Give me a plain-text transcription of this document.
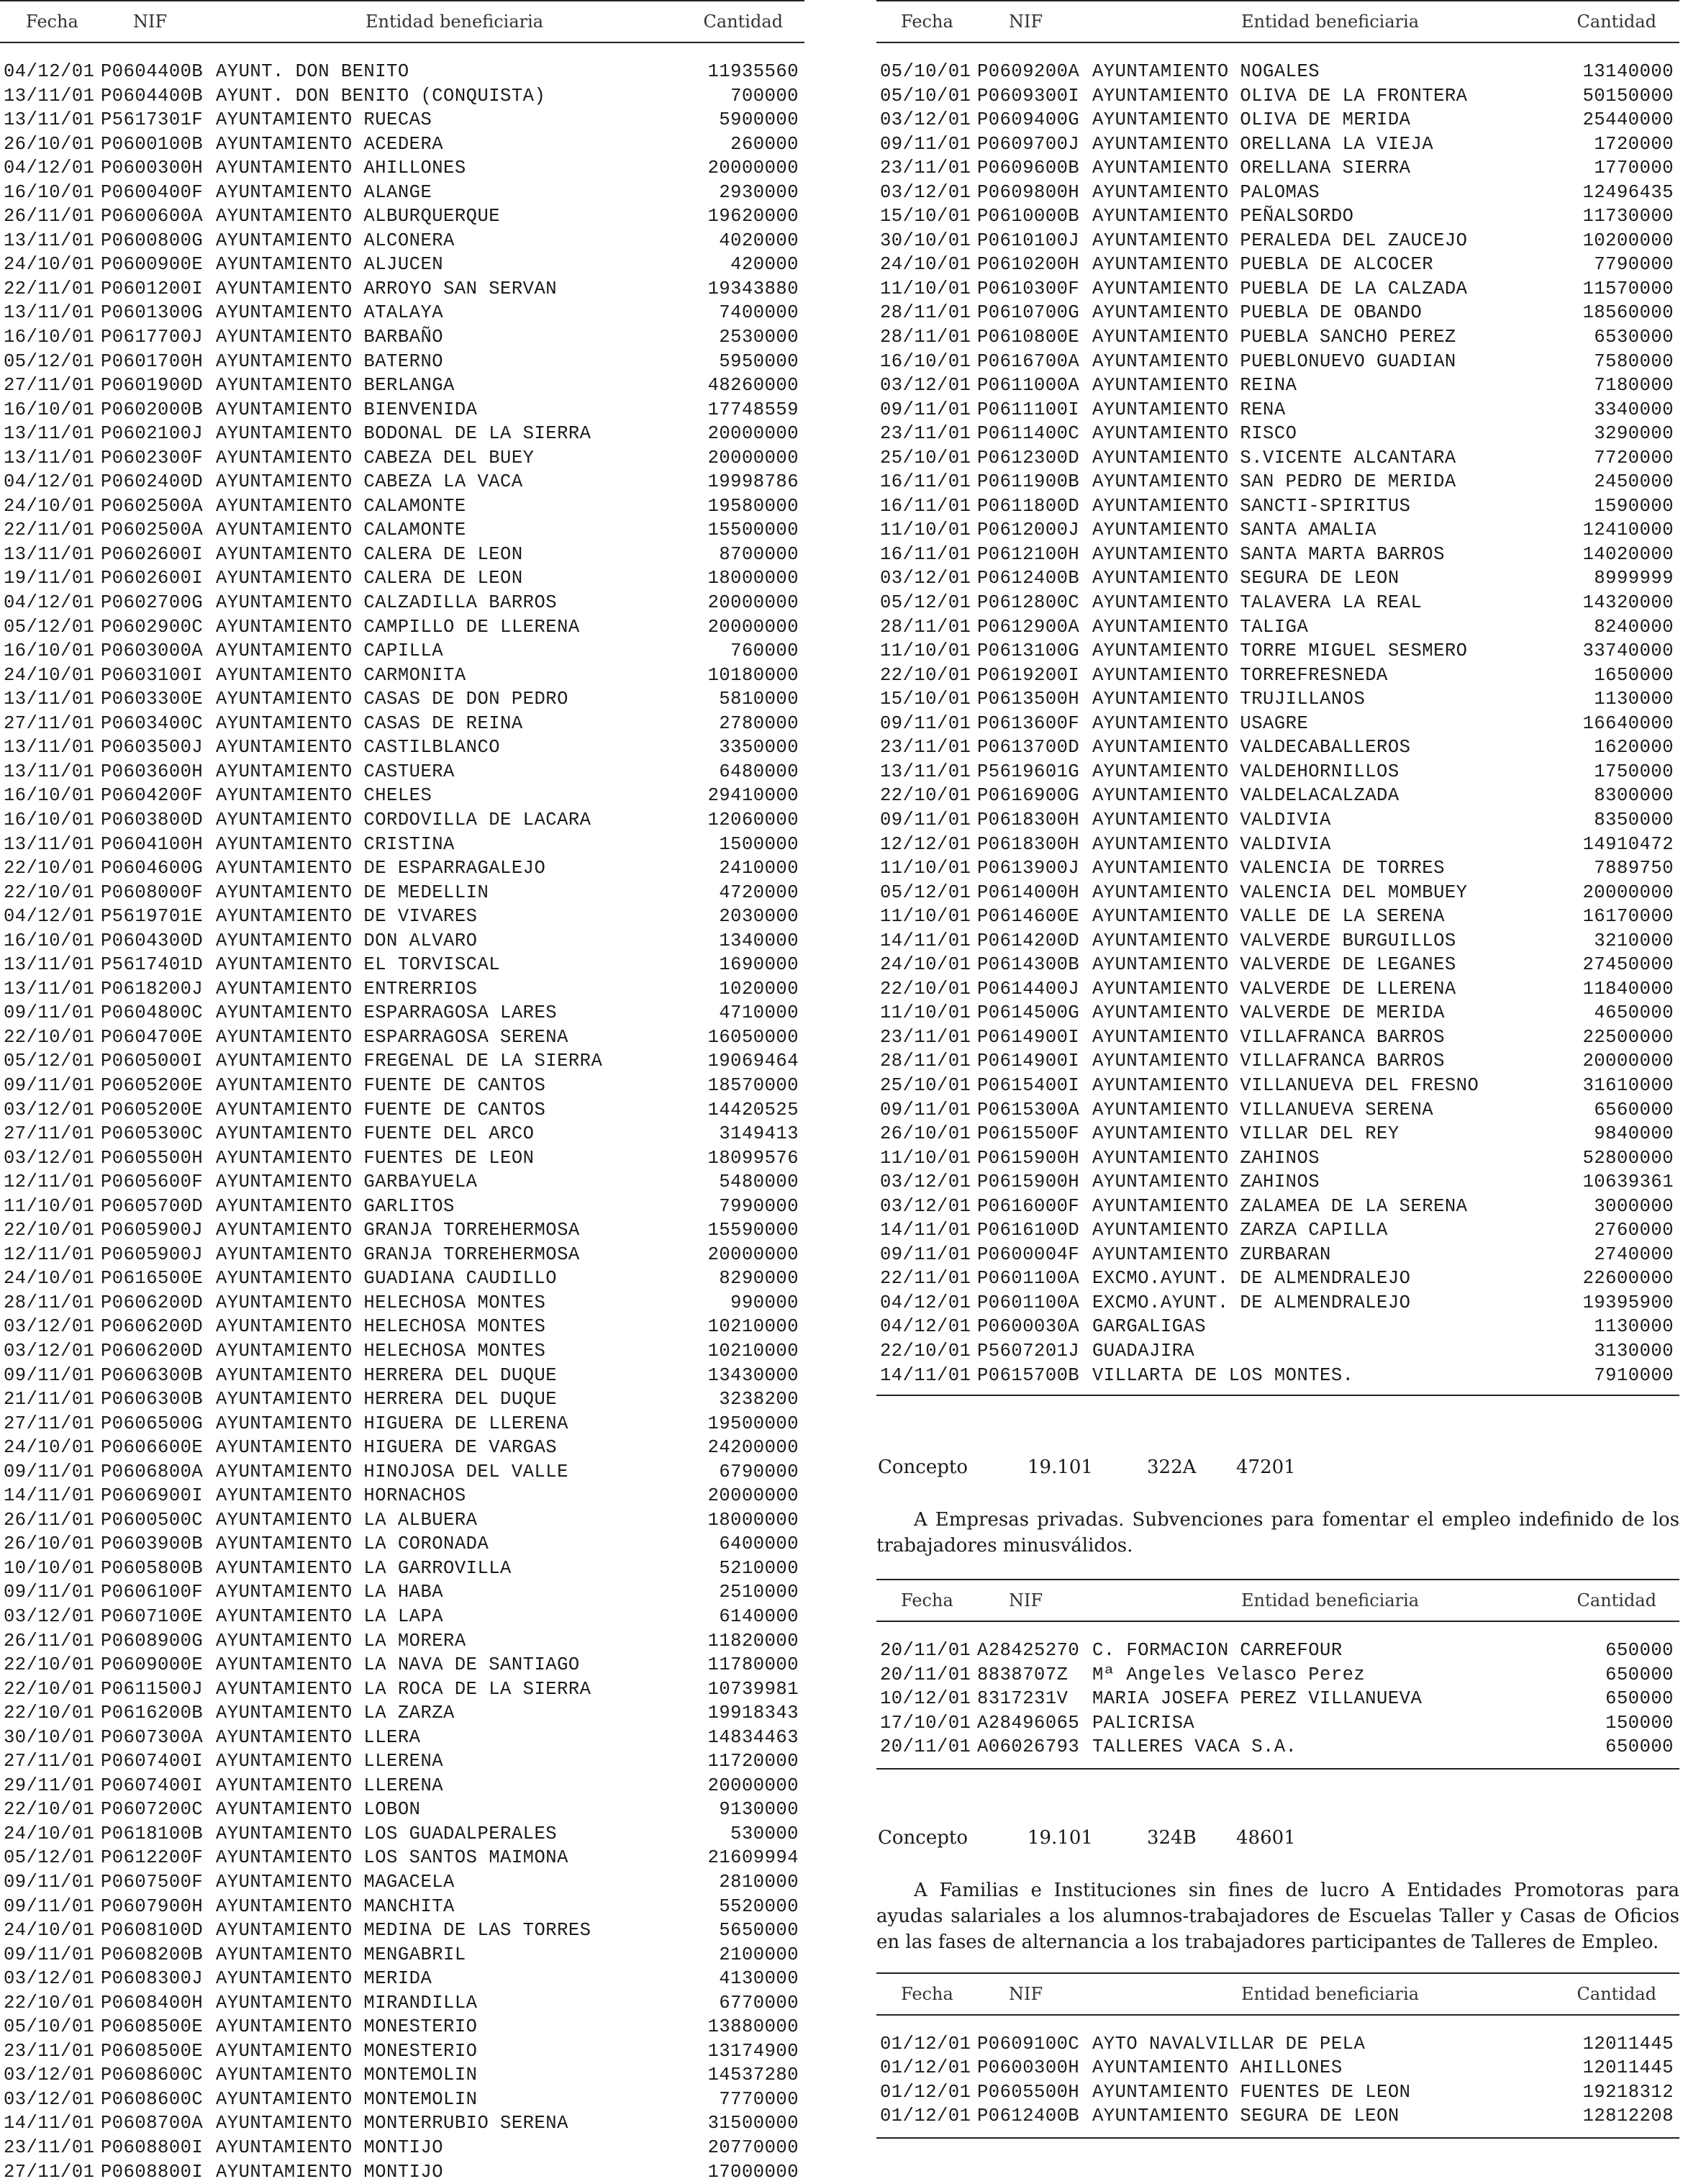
Fecha	NIF	Entidad beneficiaria	Cantidad
04/12/01 P0604400B AYUNT. DON BENITO	11935560
13/11/01 P0604400B AYUNT. DON BENITO (CONQUISTA)	700000
13/11/01 P5617301F AYUNTAMIENTO RUECAS	5900000
26/10/01 P0600100B AYUNTAMIENTO ACEDERA	260000
04/12/01 P0600300H AYUNTAMIENTO AHILLONES	20000000
16/10/01 P0600400F AYUNTAMIENTO ALANGE	2930000
26/11/01 P0600600A AYUNTAMIENTO ALBURQUERQUE	19620000
13/11/01 P0600800G AYUNTAMIENTO ALCONERA	4020000
24/10/01 P0600900E AYUNTAMIENTO ALJUCEN	420000
22/11/01 P0601200I AYUNTAMIENTO ARROYO SAN SERVAN	19343880
13/11/01 P0601300G AYUNTAMIENTO ATALAYA	7400000
16/10/01 P0617700J AYUNTAMIENTO BARBAÑO	2530000
05/12/01 P0601700H AYUNTAMIENTO BATERNO	5950000
27/11/01 P0601900D AYUNTAMIENTO BERLANGA	48260000
16/10/01 P0602000B AYUNTAMIENTO BIENVENIDA	17748559
13/11/01 P0602100J AYUNTAMIENTO BODONAL DE LA SIERRA	20000000
13/11/01 P0602300F AYUNTAMIENTO CABEZA DEL BUEY	20000000
04/12/01 P0602400D AYUNTAMIENTO CABEZA LA VACA	19998786
24/10/01 P0602500A AYUNTAMIENTO CALAMONTE	19580000
22/11/01 P0602500A AYUNTAMIENTO CALAMONTE	15500000
13/11/01 P0602600I AYUNTAMIENTO CALERA DE LEON	8700000
19/11/01 P0602600I AYUNTAMIENTO CALERA DE LEON	18000000
04/12/01 P0602700G AYUNTAMIENTO CALZADILLA BARROS	20000000
05/12/01 P0602900C AYUNTAMIENTO CAMPILLO DE LLERENA	20000000
16/10/01 P0603000A AYUNTAMIENTO CAPILLA	760000
24/10/01 P0603100I AYUNTAMIENTO CARMONITA	10180000
13/11/01 P0603300E AYUNTAMIENTO CASAS DE DON PEDRO	5810000
27/11/01 P0603400C AYUNTAMIENTO CASAS DE REINA	2780000
13/11/01 P0603500J AYUNTAMIENTO CASTILBLANCO	3350000
13/11/01 P0603600H AYUNTAMIENTO CASTUERA	6480000
16/10/01 P0604200F AYUNTAMIENTO CHELES	29410000
16/10/01 P0603800D AYUNTAMIENTO CORDOVILLA DE LACARA	12060000
13/11/01 P0604100H AYUNTAMIENTO CRISTINA	1500000
22/10/01 P0604600G AYUNTAMIENTO DE ESPARRAGALEJO	2410000
22/10/01 P0608000F AYUNTAMIENTO DE MEDELLIN	4720000
04/12/01 P5619701E AYUNTAMIENTO DE VIVARES	2030000
16/10/01 P0604300D AYUNTAMIENTO DON ALVARO	1340000
13/11/01 P5617401D AYUNTAMIENTO EL TORVISCAL	1690000
13/11/01 P0618200J AYUNTAMIENTO ENTRERRIOS	1020000
09/11/01 P0604800C AYUNTAMIENTO ESPARRAGOSA LARES	4710000
22/10/01 P0604700E AYUNTAMIENTO ESPARRAGOSA SERENA	16050000
05/12/01 P0605000I AYUNTAMIENTO FREGENAL DE LA SIERRA	19069464
09/11/01 P0605200E AYUNTAMIENTO FUENTE DE CANTOS	18570000
03/12/01 P0605200E AYUNTAMIENTO FUENTE DE CANTOS	14420525
27/11/01 P0605300C AYUNTAMIENTO FUENTE DEL ARCO	3149413
03/12/01 P0605500H AYUNTAMIENTO FUENTES DE LEON	18099576
12/11/01 P0605600F AYUNTAMIENTO GARBAYUELA	5480000
11/10/01 P0605700D AYUNTAMIENTO GARLITOS	7990000
22/10/01 P0605900J AYUNTAMIENTO GRANJA TORREHERMOSA	15590000
12/11/01 P0605900J AYUNTAMIENTO GRANJA TORREHERMOSA	20000000
24/10/01 P0616500E AYUNTAMIENTO GUADIANA CAUDILLO	8290000
28/11/01 P0606200D AYUNTAMIENTO HELECHOSA MONTES	990000
03/12/01 P0606200D AYUNTAMIENTO HELECHOSA MONTES	10210000
03/12/01 P0606200D AYUNTAMIENTO HELECHOSA MONTES	10210000
09/11/01 P0606300B AYUNTAMIENTO HERRERA DEL DUQUE	13430000
21/11/01 P0606300B AYUNTAMIENTO HERRERA DEL DUQUE	3238200
27/11/01 P0606500G AYUNTAMIENTO HIGUERA DE LLERENA	19500000
24/10/01 P0606600E AYUNTAMIENTO HIGUERA DE VARGAS	24200000
09/11/01 P0606800A AYUNTAMIENTO HINOJOSA DEL VALLE	6790000
14/11/01 P0606900I AYUNTAMIENTO HORNACHOS	20000000
26/11/01 P0600500C AYUNTAMIENTO LA ALBUERA	18000000
26/10/01 P0603900B AYUNTAMIENTO LA CORONADA	6400000
10/10/01 P0605800B AYUNTAMIENTO LA GARROVILLA	5210000
09/11/01 P0606100F AYUNTAMIENTO LA HABA	2510000
03/12/01 P0607100E AYUNTAMIENTO LA LAPA	6140000
26/11/01 P0608900G AYUNTAMIENTO LA MORERA	11820000
22/10/01 P0609000E AYUNTAMIENTO LA NAVA DE SANTIAGO	11780000
22/10/01 P0611500J AYUNTAMIENTO LA ROCA DE LA SIERRA	10739981
22/10/01 P0616200B AYUNTAMIENTO LA ZARZA	19918343
30/10/01 P0607300A AYUNTAMIENTO LLERA	14834463
27/11/01 P0607400I AYUNTAMIENTO LLERENA	11720000
29/11/01 P0607400I AYUNTAMIENTO LLERENA	20000000
22/10/01 P0607200C AYUNTAMIENTO LOBON	9130000
24/10/01 P0618100B AYUNTAMIENTO LOS GUADALPERALES	530000
05/12/01 P0612200F AYUNTAMIENTO LOS SANTOS MAIMONA	21609994
09/11/01 P0607500F AYUNTAMIENTO MAGACELA	2810000
09/11/01 P0607900H AYUNTAMIENTO MANCHITA	5520000
24/10/01 P0608100D AYUNTAMIENTO MEDINA DE LAS TORRES	5650000
09/11/01 P0608200B AYUNTAMIENTO MENGABRIL	2100000
03/12/01 P0608300J AYUNTAMIENTO MERIDA	4130000
22/10/01 P0608400H AYUNTAMIENTO MIRANDILLA	6770000
05/10/01 P0608500E AYUNTAMIENTO MONESTERIO	13880000
23/11/01 P0608500E AYUNTAMIENTO MONESTERIO	13174900
03/12/01 P0608600C AYUNTAMIENTO MONTEMOLIN	14537280
03/12/01 P0608600C AYUNTAMIENTO MONTEMOLIN	7770000
14/11/01 P0608700A AYUNTAMIENTO MONTERRUBIO SERENA	31500000
23/11/01 P0608800I AYUNTAMIENTO MONTIJO	20770000
27/11/01 P0608800I AYUNTAMIENTO MONTIJO	17000000
Fecha	NIF	Entidad beneficiaria	Cantidad
05/10/01 P0609200A AYUNTAMIENTO NOGALES	13140000
05/10/01 P0609300I AYUNTAMIENTO OLIVA DE LA FRONTERA	50150000
03/12/01 P0609400G AYUNTAMIENTO OLIVA DE MERIDA	25440000
09/11/01 P0609700J AYUNTAMIENTO ORELLANA LA VIEJA	1720000
23/11/01 P0609600B AYUNTAMIENTO ORELLANA SIERRA	1770000
03/12/01 P0609800H AYUNTAMIENTO PALOMAS	12496435
15/10/01 P0610000B AYUNTAMIENTO PEÑALSORDO	11730000
30/10/01 P0610100J AYUNTAMIENTO PERALEDA DEL ZAUCEJO	10200000
24/10/01 P0610200H AYUNTAMIENTO PUEBLA DE ALCOCER	7790000
11/10/01 P0610300F AYUNTAMIENTO PUEBLA DE LA CALZADA	11570000
28/11/01 P0610700G AYUNTAMIENTO PUEBLA DE OBANDO	18560000
28/11/01 P0610800E AYUNTAMIENTO PUEBLA SANCHO PEREZ	6530000
16/10/01 P0616700A AYUNTAMIENTO PUEBLONUEVO GUADIAN	7580000
03/12/01 P0611000A AYUNTAMIENTO REINA	7180000
09/11/01 P0611100I AYUNTAMIENTO RENA	3340000
23/11/01 P0611400C AYUNTAMIENTO RISCO	3290000
25/10/01 P0612300D AYUNTAMIENTO S.VICENTE ALCANTARA	7720000
16/11/01 P0611900B AYUNTAMIENTO SAN PEDRO DE MERIDA	2450000
16/11/01 P0611800D AYUNTAMIENTO SANCTI-SPIRITUS	1590000
11/10/01 P0612000J AYUNTAMIENTO SANTA AMALIA	12410000
16/11/01 P0612100H AYUNTAMIENTO SANTA MARTA BARROS	14020000
03/12/01 P0612400B AYUNTAMIENTO SEGURA DE LEON	8999999
05/12/01 P0612800C AYUNTAMIENTO TALAVERA LA REAL	14320000
28/11/01 P0612900A AYUNTAMIENTO TALIGA	8240000
11/10/01 P0613100G AYUNTAMIENTO TORRE MIGUEL SESMERO	33740000
22/10/01 P0619200I AYUNTAMIENTO TORREFRESNEDA	1650000
15/10/01 P0613500H AYUNTAMIENTO TRUJILLANOS	1130000
09/11/01 P0613600F AYUNTAMIENTO USAGRE	16640000
23/11/01 P0613700D AYUNTAMIENTO VALDECABALLEROS	1620000
13/11/01 P5619601G AYUNTAMIENTO VALDEHORNILLOS	1750000
22/10/01 P0616900G AYUNTAMIENTO VALDELACALZADA	8300000
09/11/01 P0618300H AYUNTAMIENTO VALDIVIA	8350000
12/12/01 P0618300H AYUNTAMIENTO VALDIVIA	14910472
11/10/01 P0613900J AYUNTAMIENTO VALENCIA DE TORRES	7889750
05/12/01 P0614000H AYUNTAMIENTO VALENCIA DEL MOMBUEY	20000000
11/10/01 P0614600E AYUNTAMIENTO VALLE DE LA SERENA	16170000
14/11/01 P0614200D AYUNTAMIENTO VALVERDE BURGUILLOS	3210000
24/10/01 P0614300B AYUNTAMIENTO VALVERDE DE LEGANES	27450000
22/10/01 P0614400J AYUNTAMIENTO VALVERDE DE LLERENA	11840000
11/10/01 P0614500G AYUNTAMIENTO VALVERDE DE MERIDA	4650000
23/11/01 P0614900I AYUNTAMIENTO VILLAFRANCA BARROS	22500000
28/11/01 P0614900I AYUNTAMIENTO VILLAFRANCA BARROS	20000000
25/10/01 P0615400I AYUNTAMIENTO VILLANUEVA DEL FRESNO	31610000
09/11/01 P0615300A AYUNTAMIENTO VILLANUEVA SERENA	6560000
26/10/01 P0615500F AYUNTAMIENTO VILLAR DEL REY	9840000
11/10/01 P0615900H AYUNTAMIENTO ZAHINOS	52800000
03/12/01 P0615900H AYUNTAMIENTO ZAHINOS	10639361
03/12/01 P0616000F AYUNTAMIENTO ZALAMEA DE LA SERENA	3000000
14/11/01 P0616100D AYUNTAMIENTO ZARZA CAPILLA	2760000
09/11/01 P0600004F AYUNTAMIENTO ZURBARAN	2740000
22/11/01 P0601100A EXCMO.AYUNT. DE ALMENDRALEJO	22600000
04/12/01 P0601100A EXCMO.AYUNT. DE ALMENDRALEJO	19395900
04/12/01 P0600030A GARGALIGAS	1130000
22/10/01 P5607201J GUADAJIRA	3130000
14/11/01 P0615700B VILLARTA DE LOS MONTES.	7910000
Concepto	19.101	322A 47201

A Empresas privadas. Subvenciones para fomentar el empleo indefinido de los trabajadores minusválidos.

Fecha	NIF	Entidad beneficiaria	Cantidad
20/11/01 A28425270 C. FORMACION CARREFOUR	650000
20/11/01 8838707Z Mª Angeles Velasco Perez	650000
10/12/01 8317231V MARIA JOSEFA PEREZ VILLANUEVA	650000
17/10/01 A28496065 PALICRISA	150000
20/11/01 A06026793 TALLERES VACA S.A.	650000
Concepto	19.101	324B 48601

A Familias e Instituciones sin fines de lucro A Entidades Promotoras para ayudas salariales a los alumnos-trabajadores de Escuelas Taller y Casas de Oficios en las fases de alternancia a los trabajadores participantes de Talleres de Empleo.

Fecha	NIF	Entidad beneficiaria	Cantidad
01/12/01 P0609100C AYTO NAVALVILLAR DE PELA	12011445
01/12/01 P0600300H AYUNTAMIENTO AHILLONES	12011445
01/12/01 P0605500H AYUNTAMIENTO FUENTES DE LEON	19218312
01/12/01 P0612400B AYUNTAMIENTO SEGURA DE LEON	12812208
